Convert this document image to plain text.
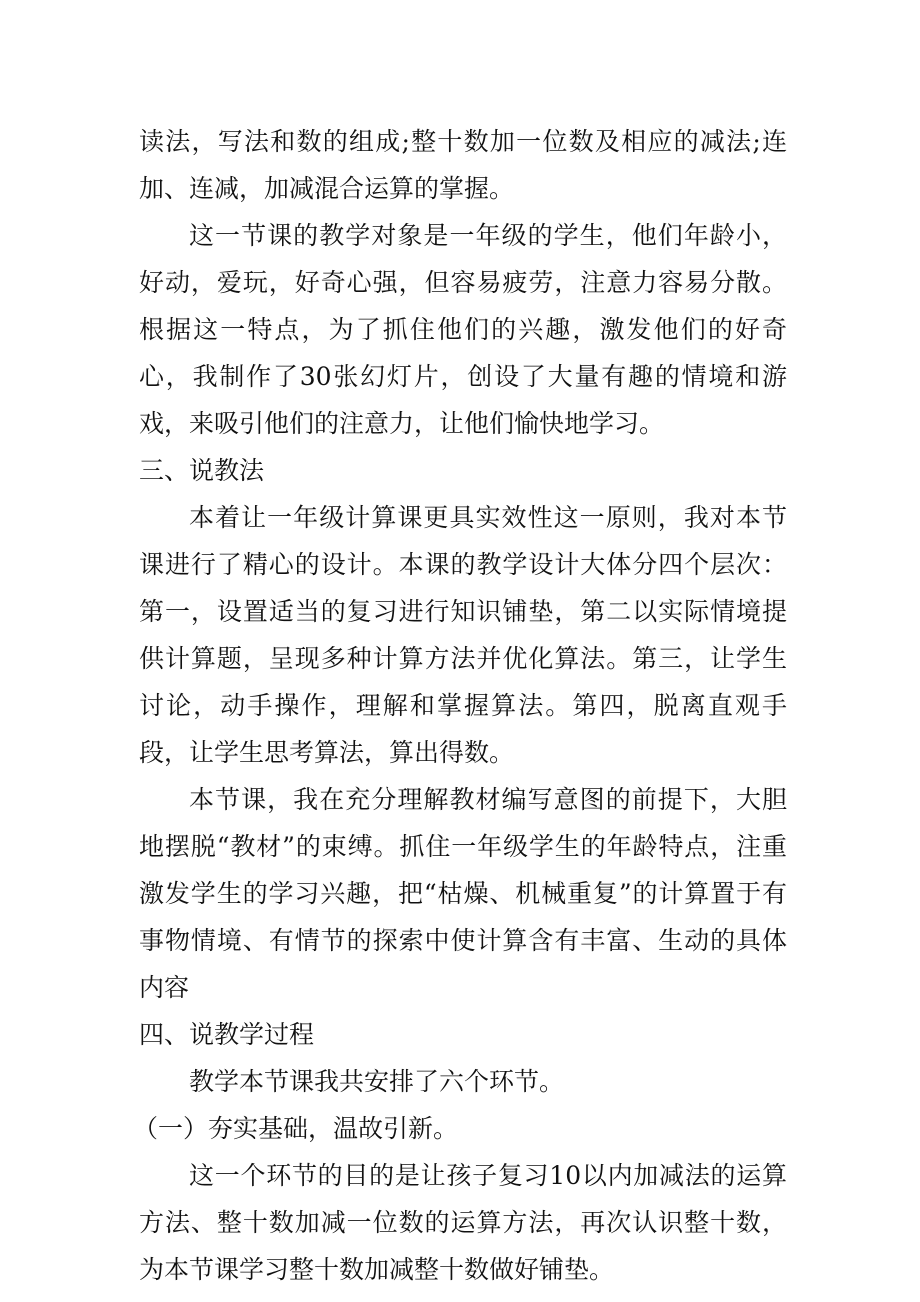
读法，写法和数的组成;整十数加一位数及相应的减法;连加、连减，加减混合运算的掌握。

这一节课的教学对象是一年级的学生，他们年龄小，好动，爱玩，好奇心强，但容易疲劳，注意力容易分散。根据这一特点，为了抓住他们的兴趣，激发他们的好奇心，我制作了30张幻灯片，创设了大量有趣的情境和游戏，来吸引他们的注意力，让他们愉快地学习。

三、说教法

本着让一年级计算课更具实效性这一原则，我对本节课进行了精心的设计。本课的教学设计大体分四个层次：第一，设置适当的复习进行知识铺垫，第二以实际情境提供计算题，呈现多种计算方法并优化算法。第三，让学生讨论，动手操作，理解和掌握算法。第四，脱离直观手段，让学生思考算法，算出得数。

本节课，我在充分理解教材编写意图的前提下，大胆地摆脱“教材”的束缚。抓住一年级学生的年龄特点，注重激发学生的学习兴趣，把“枯燥、机械重复”的计算置于有事物情境、有情节的探索中使计算含有丰富、生动的具体内容

四、说教学过程

教学本节课我共安排了六个环节。

（一）夯实基础，温故引新。

这一个环节的目的是让孩子复习10以内加减法的运算方法、整十数加减一位数的运算方法，再次认识整十数，为本节课学习整十数加减整十数做好铺垫。
